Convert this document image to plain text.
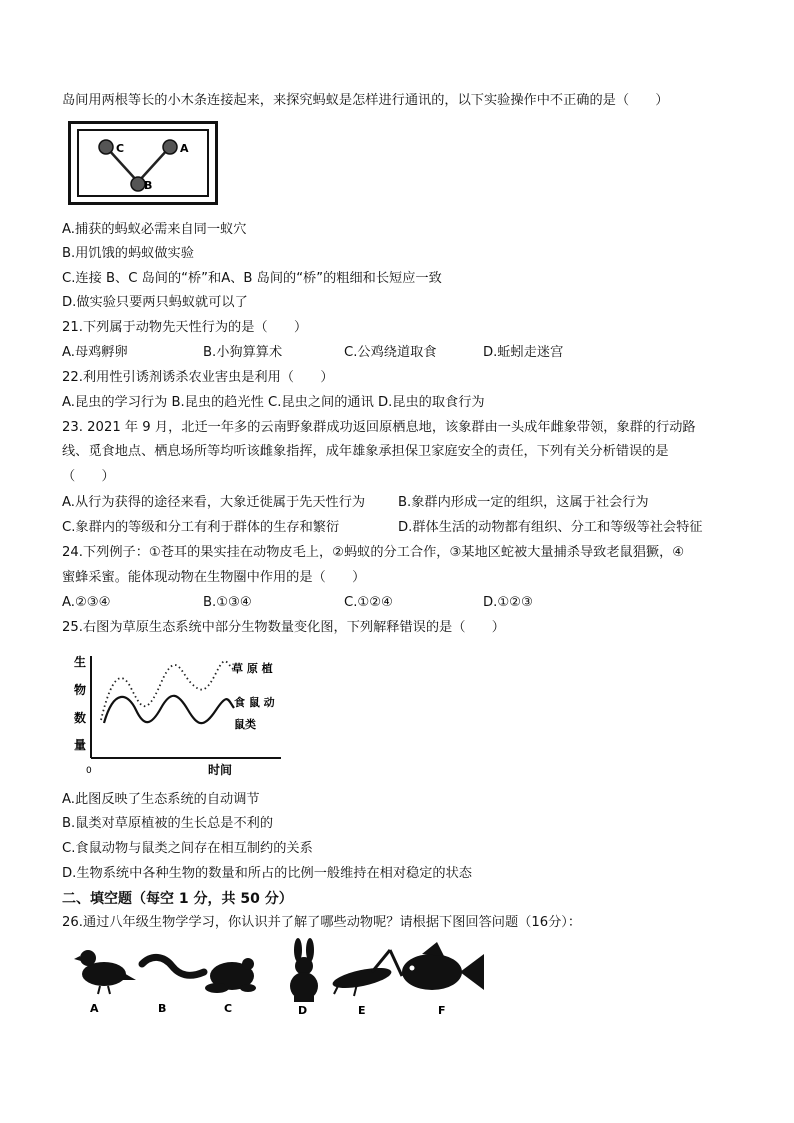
岛间用两根等长的小木条连接起来，来探究蚂蚁是怎样进行通讯的，以下实验操作中不正确的是（　　）
C	A
B
A.捕获的蚂蚁必需来自同一蚁穴
B.用饥饿的蚂蚁做实验
C.连接 B、C 岛间的“桥”和A、B 岛间的“桥”的粗细和长短应一致
D.做实验只要两只蚂蚁就可以了
21.下列属于动物先天性行为的是（　　）
A.母鸡孵卵	B.小狗算算术	C.公鸡绕道取食	D.蚯蚓走迷宫
22.利用性引诱剂诱杀农业害虫是利用（　　）
A.昆虫的学习行为 B.昆虫的趋光性 C.昆虫之间的通讯 D.昆虫的取食行为
23. 2021 年 9 月，北迁一年多的云南野象群成功返回原栖息地，该象群由一头成年雌象带领，象群的行动路
线、觅食地点、栖息场所等均听该雌象指挥，成年雄象承担保卫家庭安全的责任，下列有关分析错误的是
（　　）
A.从行为获得的途径来看，大象迁徙属于先天性行为 B.象群内形成一定的组织，这属于社会行为
C.象群内的等级和分工有利于群体的生存和繁衍	D.群体生活的动物都有组织、分工和等级等社会特征
24.下列例子：①苍耳的果实挂在动物皮毛上，②蚂蚁的分工合作，③某地区蛇被大量捕杀导致老鼠猖獗，④
蜜蜂采蜜。能体现动物在生物圈中作用的是（　　）
A.②③④	B.①③④	C.①②④	D.①②③
25.右图为草原生态系统中部分生物数量变化图，下列解释错误的是（　　）
生
物
数
量
0
草 原 植
食 鼠 动
鼠类
时间
A.此图反映了生态系统的自动调节
B.鼠类对草原植被的生长总是不利的
C.食鼠动物与鼠类之间存在相互制约的关系
D.生物系统中各种生物的数量和所占的比例一般维持在相对稳定的状态
二、填空题（每空 1 分，共 50 分）
26.通过八年级生物学学习，你认识并了解了哪些动物呢？请根据下图回答问题（16分）：
A	B	C	D	E	F
